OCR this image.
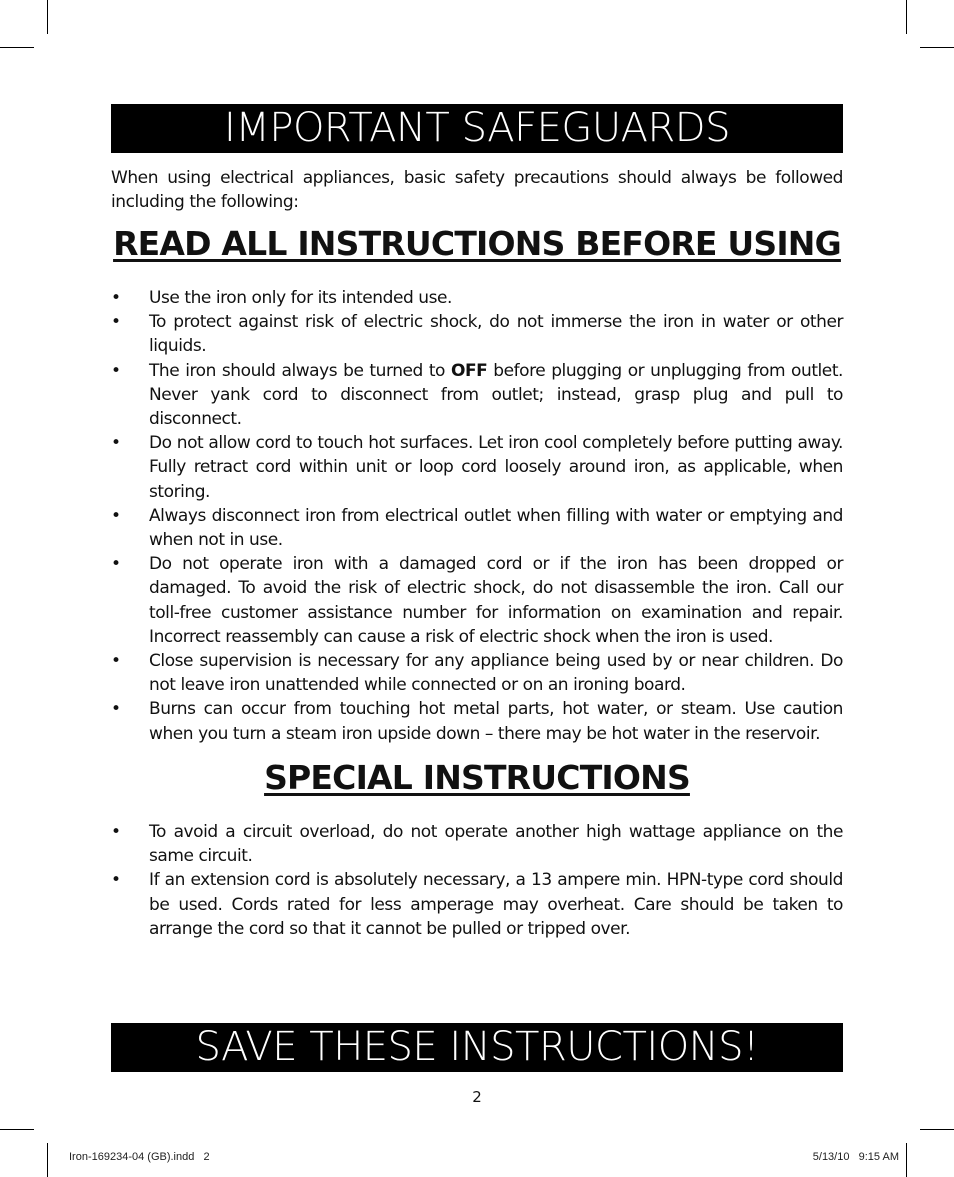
IMPORTANT SAFEGUARDS

When using electrical appliances, basic safety precautions should always be followed including the following:

READ ALL INSTRUCTIONS BEFORE USING
• Use the iron only for its intended use.
• To protect against risk of electric shock, do not immerse the iron in water or other liquids.
• The iron should always be turned to OFF before plugging or unplugging from outlet. Never yank cord to disconnect from outlet; instead, grasp plug and pull to disconnect.
• Do not allow cord to touch hot surfaces. Let iron cool completely before putting away. Fully retract cord within unit or loop cord loosely around iron, as applicable, when storing.
• Always disconnect iron from electrical outlet when filling with water or emptying and when not in use.
• Do not operate iron with a damaged cord or if the iron has been dropped or damaged. To avoid the risk of electric shock, do not disassemble the iron. Call our toll-free customer assistance number for information on examination and repair. Incorrect reassembly can cause a risk of electric shock when the iron is used.
• Close supervision is necessary for any appliance being used by or near children. Do not leave iron unattended while connected or on an ironing board.
• Burns can occur from touching hot metal parts, hot water, or steam. Use caution when you turn a steam iron upside down – there may be hot water in the reservoir.
SPECIAL INSTRUCTIONS
• To avoid a circuit overload, do not operate another high wattage appliance on the same circuit.
• If an extension cord is absolutely necessary, a 13 ampere min. HPN-type cord should be used. Cords rated for less amperage may overheat. Care should be taken to arrange the cord so that it cannot be pulled or tripped over.
SAVE THESE INSTRUCTIONS!
2
Iron-169234-04 (GB).indd   2	5/13/10   9:15 AM
